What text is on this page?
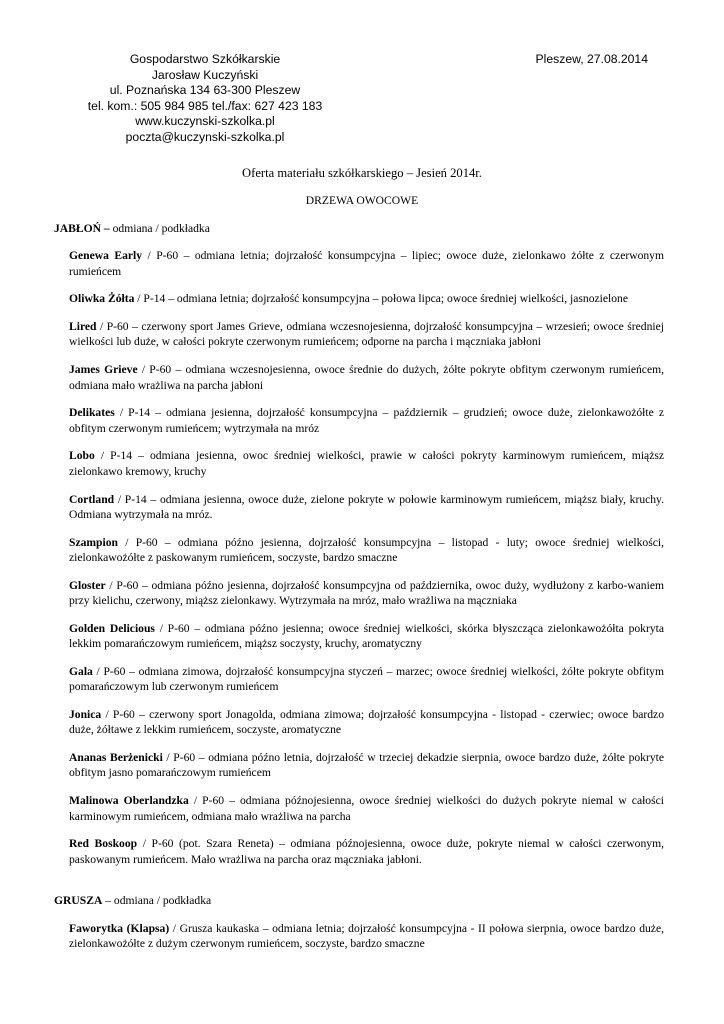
Gospodarstwo Szkółkarskie
Jarosław Kuczyński
ul. Poznańska 134 63-300 Pleszew
tel. kom.: 505 984 985 tel./fax: 627 423 183
www.kuczynski-szkolka.pl
poczta@kuczynski-szkolka.pl
Pleszew, 27.08.2014
Oferta materiału szkółkarskiego – Jesień 2014r.
DRZEWA OWOCOWE
JABŁOŃ – odmiana / podkładka
Genewa Early / P-60 – odmiana letnia; dojrzałość konsumpcyjna – lipiec; owoce duże, zielonkawo żółte z czerwonym rumieńcem
Oliwka Żółta / P-14 – odmiana letnia; dojrzałość konsumpcyjna – połowa lipca; owoce średniej wielkości, jasnozielone
Lired / P-60 – czerwony sport James Grieve, odmiana wczesnojesienna, dojrzałość konsumpcyjna – wrzesień; owoce średniej wielkości lub duże, w całości pokryte czerwonym rumieńcem; odporne na parcha i mączniaka jabłoni
James Grieve / P-60 – odmiana wczesnojesienna, owoce średnie do dużych, żółte pokryte obfitym czerwonym rumieńcem, odmiana mało wrażliwa na parcha jabłoni
Delikates / P-14 – odmiana jesienna, dojrzałość konsumpcyjna – październik – grudzień; owoce duże, zielonkawożółte z obfitym czerwonym rumieńcem; wytrzymała na mróz
Lobo / P-14 – odmiana jesienna, owoc średniej wielkości, prawie w całości pokryty karminowym rumieńcem, miąższ zielonkawo kremowy, kruchy
Cortland / P-14 – odmiana jesienna, owoce duże, zielone pokryte w połowie karminowym rumieńcem, miąższ biały, kruchy. Odmiana wytrzymała na mróz.
Szampion / P-60 – odmiana późno jesienna, dojrzałość konsumpcyjna – listopad - luty; owoce średniej wielkości, zielonkawożółte z paskowanym rumieńcem, soczyste, bardzo smaczne
Gloster / P-60 – odmiana późno jesienna, dojrzałość konsumpcyjna od października, owoc duży, wydłużony z karbo-waniem przy kielichu, czerwony, miąższ zielonkawy. Wytrzymała na mróz, mało wrażliwa na mączniaka
Golden Delicious / P-60 – odmiana późno jesienna; owoce średniej wielkości, skórka błyszcząca zielonkawożółta pokryta lekkim pomarańczowym rumieńcem, miąższ soczysty, kruchy, aromatyczny
Gala / P-60 – odmiana zimowa, dojrzałość konsumpcyjna styczeń – marzec; owoce średniej wielkości, żółte pokryte obfitym pomarańczowym lub czerwonym rumieńcem
Jonica / P-60 – czerwony sport Jonagolda, odmiana zimowa; dojrzałość konsumpcyjna - listopad - czerwiec; owoce bardzo duże, żółtawe z lekkim rumieńcem, soczyste, aromatyczne
Ananas Berżenicki / P-60 – odmiana późno letnia, dojrzałość w trzeciej dekadzie sierpnia, owoce bardzo duże, żółte pokryte obfitym jasno pomarańczowym rumieńcem
Malinowa Oberlandzka / P-60 – odmiana późnojesienna, owoce średniej wielkości do dużych pokryte niemal w całości karminowym rumieńcem, odmiana mało wrażliwa na parcha
Red Boskoop / P-60 (pot. Szara Reneta) – odmiana późnojesienna, owoce duże, pokryte niemal w całości czerwonym, paskowanym rumieńcem. Mało wrażliwa na parcha oraz mączniaka jabłoni.
GRUSZA – odmiana / podkładka
Faworytka (Klapsa) / Grusza kaukaska – odmiana letnia; dojrzałość konsumpcyjna - II połowa sierpnia, owoce bardzo duże, zielonkawożółte z dużym czerwonym rumieńcem, soczyste, bardzo smaczne
